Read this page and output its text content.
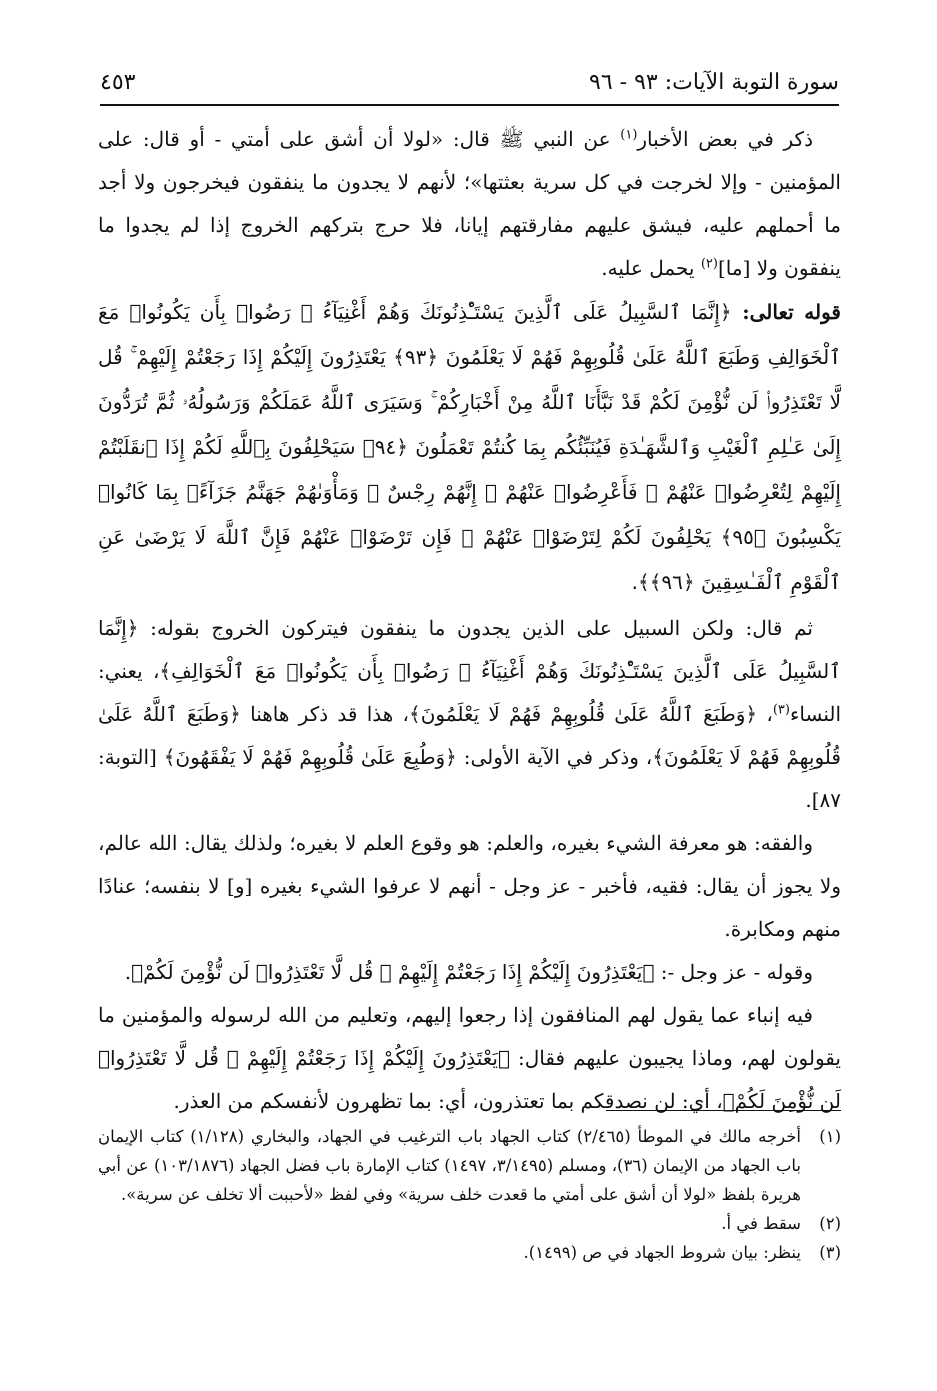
سورة التوبة الآيات: ٩٣ - ٩٦
٤٥٣

ذكر في بعض الأخبار$^{(١)}$ عن النبي ﷺ قال: «لولا أن أشق على أمتي - أو قال: على المؤمنين - وإلا لخرجت في كل سرية بعثتها»؛ لأنهم لا يجدون ما ينفقون فيخرجون ولا أجد ما أحملهم عليه، فيشق عليهم مفارقتهم إيانا، فلا حرج بتركهم الخروج إذا لم يجدوا ما ينفقون ولا [ما]$^{(٢)}$ يحمل عليه.

قوله تعالى: ﴿إِنَّمَا ٱلسَّبِيلُ عَلَى ٱلَّذِينَ يَسْتَـْٔذِنُونَكَ وَهُمْ أَغْنِيَآءُ ۚ رَضُوا۟ بِأَن يَكُونُوا۟ مَعَ ٱلْخَوَالِفِ وَطَبَعَ ٱللَّهُ عَلَىٰ قُلُوبِهِمْ فَهُمْ لَا يَعْلَمُونَ ﴿٩٣﴾ يَعْتَذِرُونَ إِلَيْكُمْ إِذَا رَجَعْتُمْ إِلَيْهِمْ ۚ قُل لَّا تَعْتَذِرُوا۟ لَن نُّؤْمِنَ لَكُمْ قَدْ نَبَّأَنَا ٱللَّهُ مِنْ أَخْبَارِكُمْ ۚ وَسَيَرَى ٱللَّهُ عَمَلَكُمْ وَرَسُولُهُۥ ثُمَّ تُرَدُّونَ إِلَىٰ عَـٰلِمِ ٱلْغَيْبِ وَٱلشَّهَـٰدَةِ فَيُنَبِّئُكُم بِمَا كُنتُمْ تَعْمَلُونَ ﴿٩٤﴾ سَيَحْلِفُونَ بِٱللَّهِ لَكُمْ إِذَا ٱنقَلَبْتُمْ إِلَيْهِمْ لِتُعْرِضُوا۟ عَنْهُمْ ۖ فَأَعْرِضُوا۟ عَنْهُمْ ۖ إِنَّهُمْ رِجْسٌ ۖ وَمَأْوَىٰهُمْ جَهَنَّمُ جَزَآءًۢ بِمَا كَانُوا۟ يَكْسِبُونَ ﴿٩٥﴾ يَحْلِفُونَ لَكُمْ لِتَرْضَوْا۟ عَنْهُمْ ۖ فَإِن تَرْضَوْا۟ عَنْهُمْ فَإِنَّ ٱللَّهَ لَا يَرْضَىٰ عَنِ ٱلْقَوْمِ ٱلْفَـٰسِقِينَ ﴿٩٦﴾﴾.

ثم قال: ولكن السبيل على الذين يجدون ما ينفقون فيتركون الخروج بقوله: ﴿إِنَّمَا ٱلسَّبِيلُ عَلَى ٱلَّذِينَ يَسْتَـْٔذِنُونَكَ وَهُمْ أَغْنِيَآءُ ۚ رَضُوا۟ بِأَن يَكُونُوا۟ مَعَ ٱلْخَوَالِفِ﴾، يعني: النساء$^{(٣)}$، ﴿وَطَبَعَ ٱللَّهُ عَلَىٰ قُلُوبِهِمْ فَهُمْ لَا يَعْلَمُونَ﴾، هذا قد ذكر هاهنا ﴿وَطَبَعَ ٱللَّهُ عَلَىٰ قُلُوبِهِمْ فَهُمْ لَا يَعْلَمُونَ﴾، وذكر في الآية الأولى: ﴿وَطُبِعَ عَلَىٰ قُلُوبِهِمْ فَهُمْ لَا يَفْقَهُونَ﴾ [التوبة: ٨٧].

والفقه: هو معرفة الشيء بغيره، والعلم: هو وقوع العلم لا بغيره؛ ولذلك يقال: الله عالم، ولا يجوز أن يقال: فقيه، فأخبر - عز وجل - أنهم لا عرفوا الشيء بغيره [و] لا بنفسه؛ عنادًا منهم ومكابرة.

وقوله - عز وجل -: ﴿يَعْتَذِرُونَ إِلَيْكُمْ إِذَا رَجَعْتُمْ إِلَيْهِمْ ۚ قُل لَّا تَعْتَذِرُوا۟ لَن نُّؤْمِنَ لَكُمْ﴾.

فيه إنباء عما يقول لهم المنافقون إذا رجعوا إليهم، وتعليم من الله لرسوله والمؤمنين ما يقولون لهم، وماذا يجيبون عليهم فقال: ﴿يَعْتَذِرُونَ إِلَيْكُمْ إِذَا رَجَعْتُمْ إِلَيْهِمْ ۚ قُل لَّا تَعْتَذِرُوا۟ لَن نُّؤْمِنَ لَكُمْ﴾، أي: لن نصدقكم بما تعتذرون، أي: بما تظهرون لأنفسكم من العذر.

(١)
أخرجه مالك في الموطأ (٢/٤٦٥) كتاب الجهاد باب الترغيب في الجهاد، والبخاري (١/١٢٨) كتاب الإيمان باب الجهاد من الإيمان (٣٦)، ومسلم (٣/١٤٩٥، ١٤٩٧) كتاب الإمارة باب فضل الجهاد (١٠٣/١٨٧٦) عن أبي هريرة بلفظ «لولا أن أشق على أمتي ما قعدت خلف سرية» وفي لفظ «لأحببت ألا تخلف عن سرية».
(٢)
سقط في أ.
(٣)
ينظر: بيان شروط الجهاد في ص (١٤٩٩).
